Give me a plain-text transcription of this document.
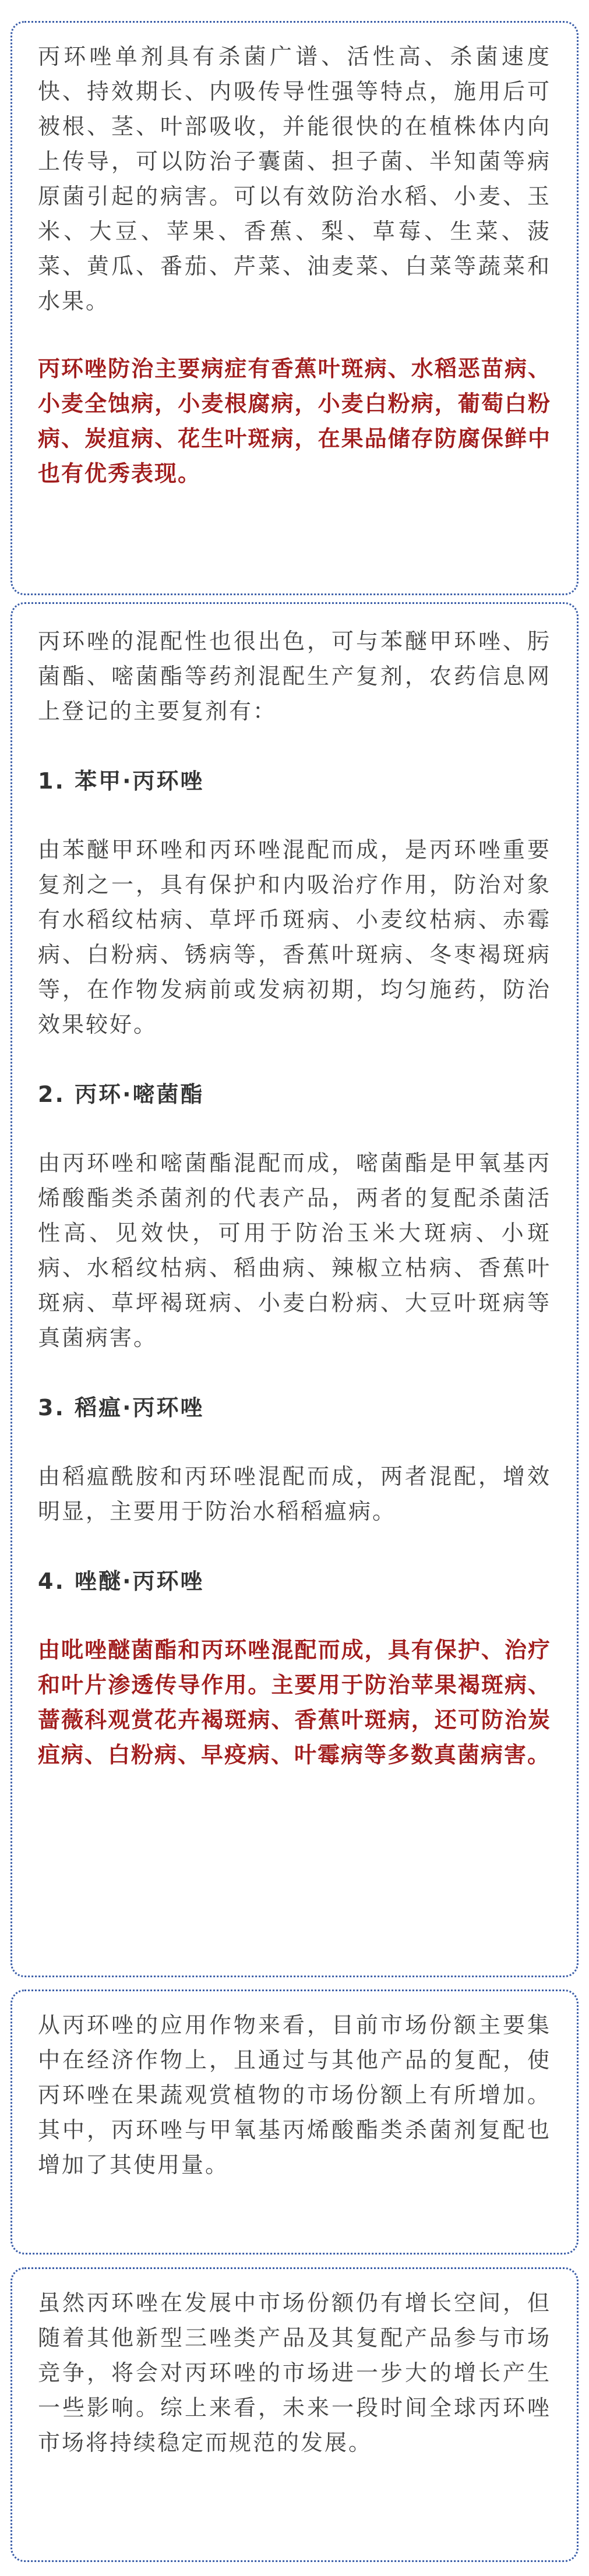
丙环唑单剂具有杀菌广谱、活性高、杀菌速度快、持效期长、内吸传导性强等特点，施用后可被根、茎、叶部吸收，并能很快的在植株体内向上传导，可以防治子囊菌、担子菌、半知菌等病原菌引起的病害。可以有效防治水稻、小麦、玉米、大豆、苹果、香蕉、梨、草莓、生菜、菠菜、黄瓜、番茄、芹菜、油麦菜、白菜等蔬菜和水果。

丙环唑防治主要病症有香蕉叶斑病、水稻恶苗病、小麦全蚀病，小麦根腐病，小麦白粉病，葡萄白粉病、炭疽病、花生叶斑病，在果品储存防腐保鲜中也有优秀表现。

丙环唑的混配性也很出色，可与苯醚甲环唑、肟菌酯、嘧菌酯等药剂混配生产复剂，农药信息网上登记的主要复剂有：

1. 苯甲·丙环唑

由苯醚甲环唑和丙环唑混配而成，是丙环唑重要复剂之一，具有保护和内吸治疗作用，防治对象有水稻纹枯病、草坪币斑病、小麦纹枯病、赤霉病、白粉病、锈病等，香蕉叶斑病、冬枣褐斑病等，在作物发病前或发病初期，均匀施药，防治效果较好。

2. 丙环·嘧菌酯

由丙环唑和嘧菌酯混配而成，嘧菌酯是甲氧基丙烯酸酯类杀菌剂的代表产品，两者的复配杀菌活性高、见效快，可用于防治玉米大斑病、小斑病、水稻纹枯病、稻曲病、辣椒立枯病、香蕉叶斑病、草坪褐斑病、小麦白粉病、大豆叶斑病等真菌病害。

3. 稻瘟·丙环唑

由稻瘟酰胺和丙环唑混配而成，两者混配，增效明显，主要用于防治水稻稻瘟病。

4. 唑醚·丙环唑

由吡唑醚菌酯和丙环唑混配而成，具有保护、治疗和叶片渗透传导作用。主要用于防治苹果褐斑病、蔷薇科观赏花卉褐斑病、香蕉叶斑病，还可防治炭疽病、白粉病、早疫病、叶霉病等多数真菌病害。

从丙环唑的应用作物来看，目前市场份额主要集中在经济作物上，且通过与其他产品的复配，使丙环唑在果蔬观赏植物的市场份额上有所增加。其中，丙环唑与甲氧基丙烯酸酯类杀菌剂复配也增加了其使用量。

虽然丙环唑在发展中市场份额仍有增长空间，但随着其他新型三唑类产品及其复配产品参与市场竞争，将会对丙环唑的市场进一步大的增长产生一些影响。综上来看，未来一段时间全球丙环唑市场将持续稳定而规范的发展。
